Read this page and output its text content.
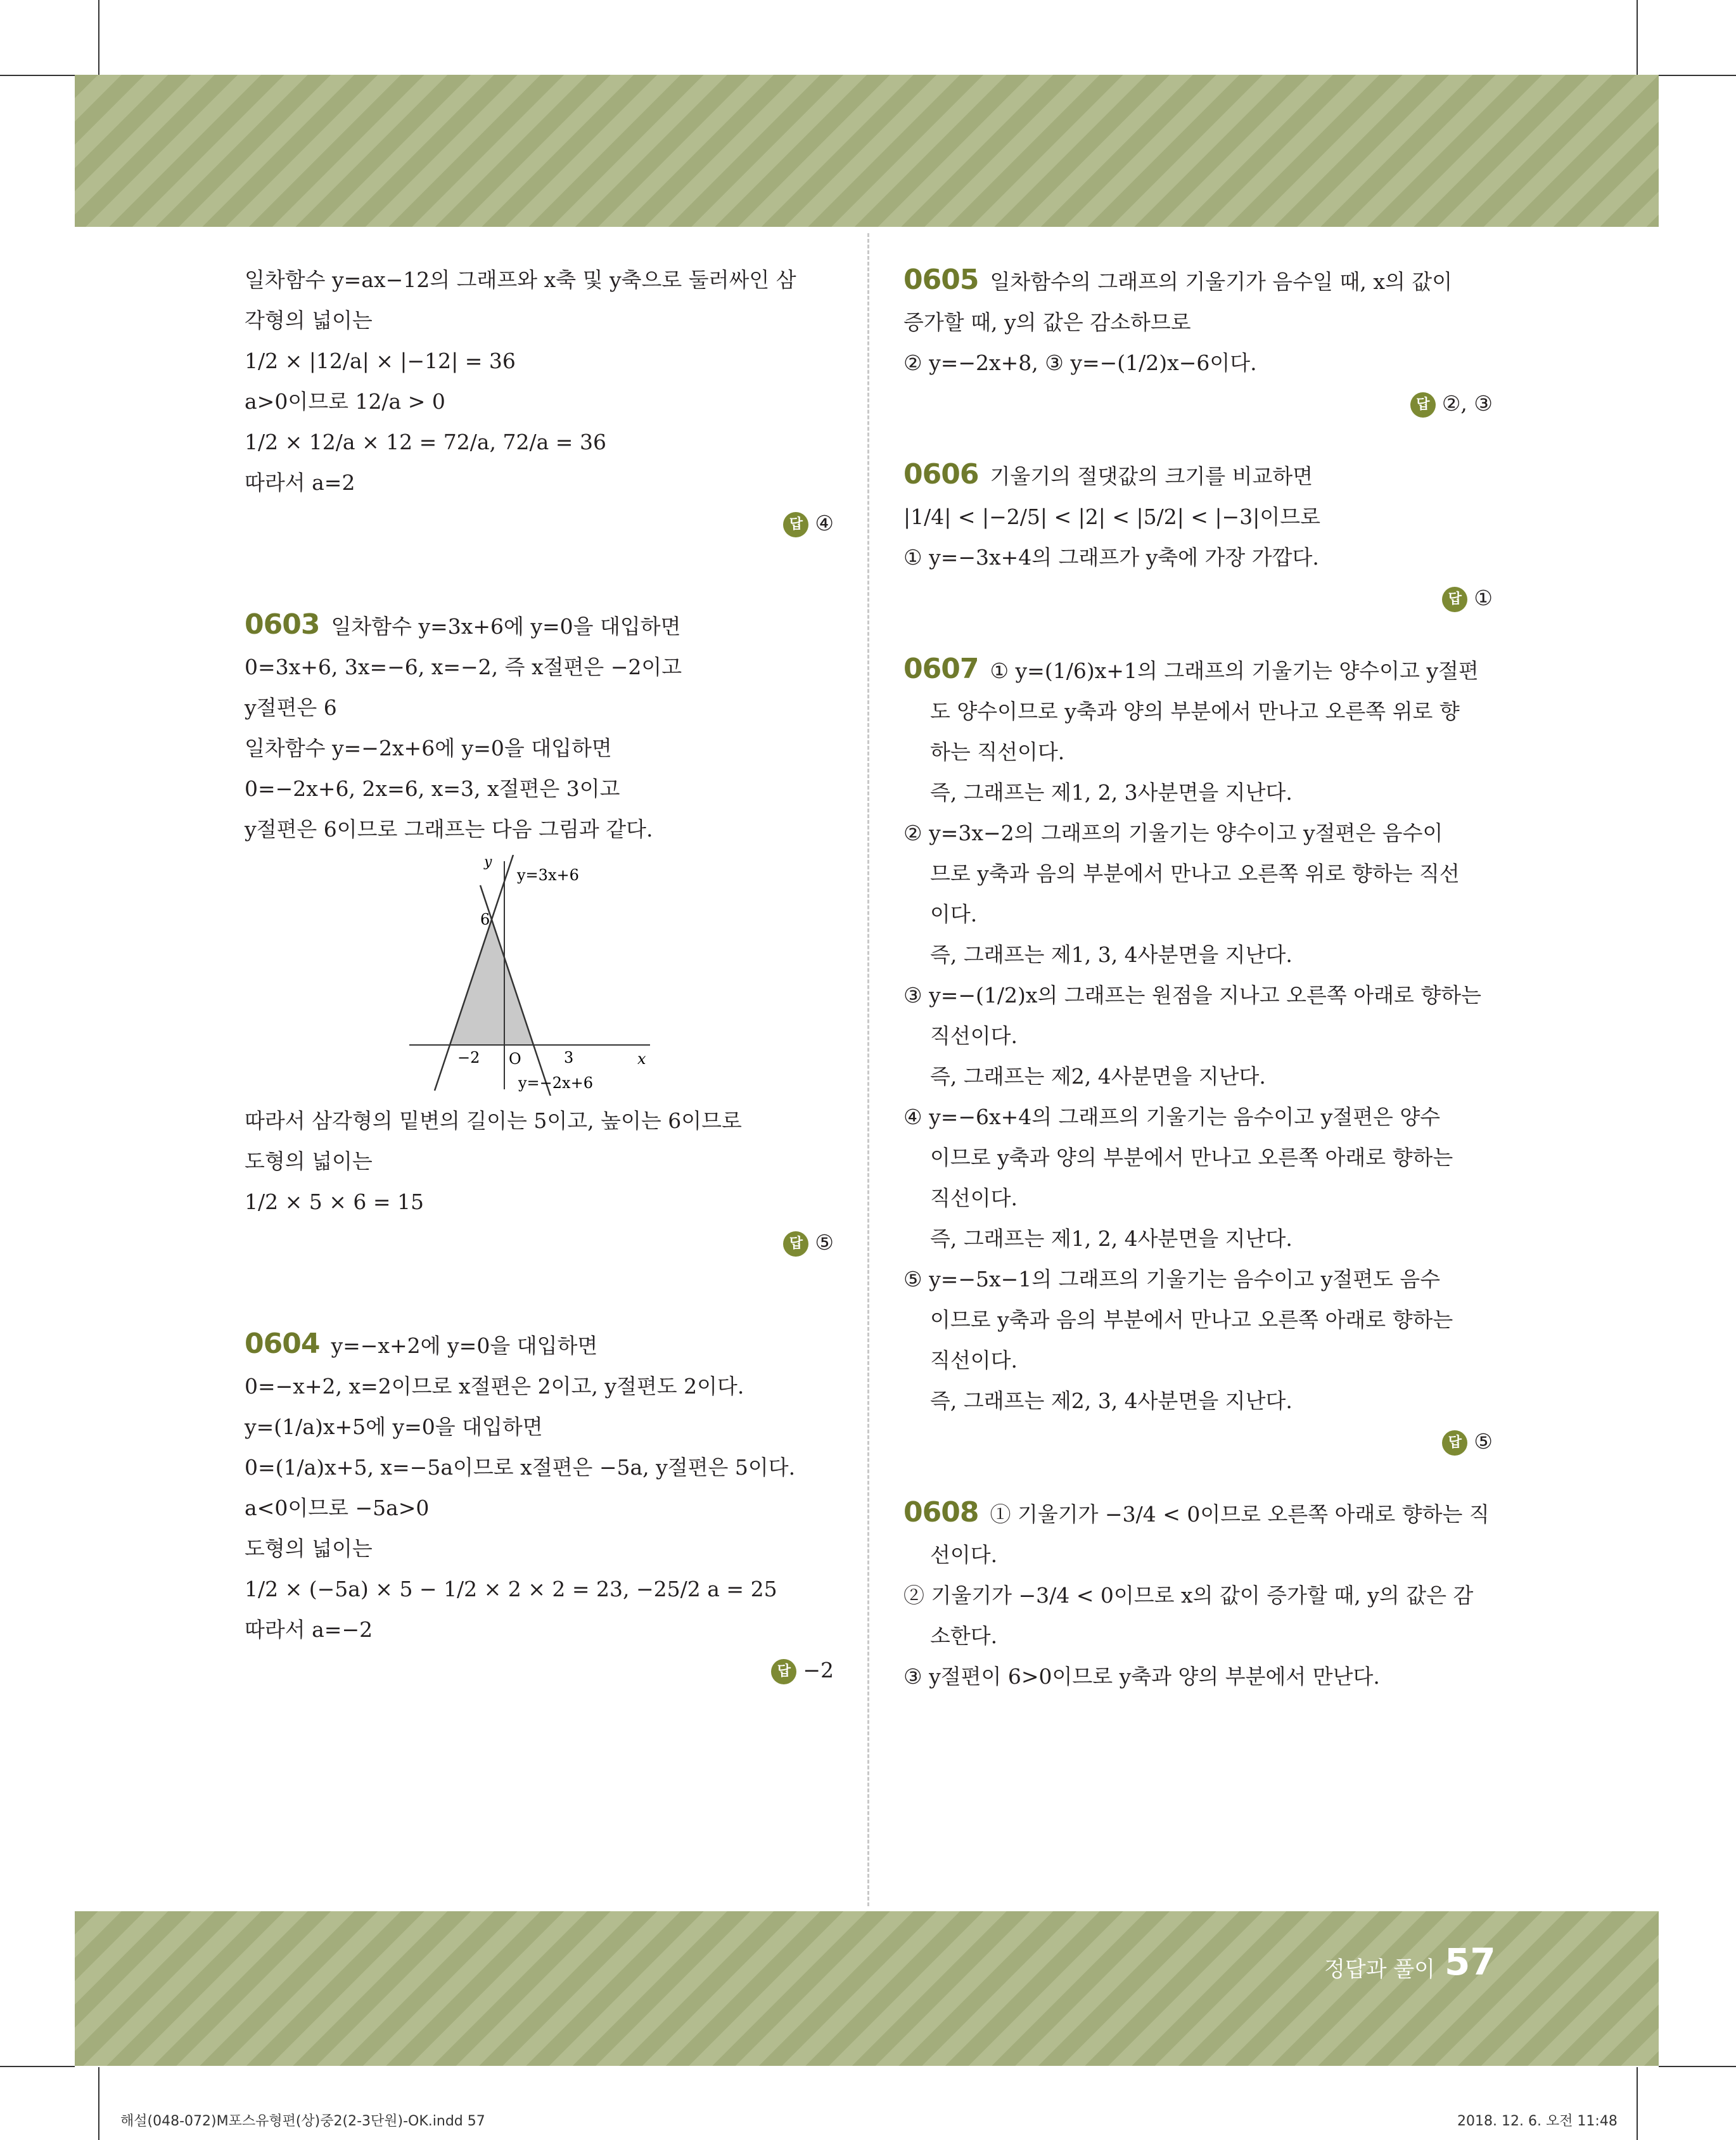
일차함수 y=ax−12의 그래프와 x축 및 y축으로 둘러싸인 삼
각형의 넓이는
1/2 × |12/a| × |−12| = 36
a>0이므로 12/a > 0
1/2 × 12/a × 12 = 72/a, 72/a = 36
따라서 a=2
답 ④
0603 일차함수 y=3x+6에 y=0을 대입하면
0=3x+6, 3x=−6, x=−2, 즉 x절편은 −2이고
y절편은 6
일차함수 y=−2x+6에 y=0을 대입하면
0=−2x+6, 2x=6, x=3, x절편은 3이고
y절편은 6이므로 그래프는 다음 그림과 같다.
y
y=3x+6
6
−2 O	3	x
y=−2x+6
따라서 삼각형의 밑변의 길이는 5이고, 높이는 6이므로
도형의 넓이는
1/2 × 5 × 6 = 15
답 ⑤
0604 y=−x+2에 y=0을 대입하면
0=−x+2, x=2이므로 x절편은 2이고, y절편도 2이다.
y=(1/a)x+5에 y=0을 대입하면
0=(1/a)x+5, x=−5a이므로 x절편은 −5a, y절편은 5이다.
a<0이므로 −5a>0
도형의 넓이는
1/2 × (−5a) × 5 − 1/2 × 2 × 2 = 23, −25/2 a = 25
따라서 a=−2
답 −2
0605 일차함수의 그래프의 기울기가 음수일 때, x의 값이
증가할 때, y의 값은 감소하므로
② y=−2x+8, ③ y=−(1/2)x−6이다.
답 ②, ③
0606 기울기의 절댓값의 크기를 비교하면
|1/4| < |−2/5| < |2| < |5/2| < |−3|이므로
① y=−3x+4의 그래프가 y축에 가장 가깝다.
답 ①
0607 ① y=(1/6)x+1의 그래프의 기울기는 양수이고 y절편
도 양수이므로 y축과 양의 부분에서 만나고 오른쪽 위로 향
하는 직선이다.
즉, 그래프는 제1, 2, 3사분면을 지난다.
② y=3x−2의 그래프의 기울기는 양수이고 y절편은 음수이
므로 y축과 음의 부분에서 만나고 오른쪽 위로 향하는 직선
이다.
즉, 그래프는 제1, 3, 4사분면을 지난다.
③ y=−(1/2)x의 그래프는 원점을 지나고 오른쪽 아래로 향하는
직선이다.
즉, 그래프는 제2, 4사분면을 지난다.
④ y=−6x+4의 그래프의 기울기는 음수이고 y절편은 양수
이므로 y축과 양의 부분에서 만나고 오른쪽 아래로 향하는
직선이다.
즉, 그래프는 제1, 2, 4사분면을 지난다.
⑤ y=−5x−1의 그래프의 기울기는 음수이고 y절편도 음수
이므로 y축과 음의 부분에서 만나고 오른쪽 아래로 향하는
직선이다.
즉, 그래프는 제2, 3, 4사분면을 지난다.
답 ⑤
0608 ① 기울기가 −3/4 < 0이므로 오른쪽 아래로 향하는 직
선이다.
② 기울기가 −3/4 < 0이므로 x의 값이 증가할 때, y의 값은 감
소한다.
③ y절편이 6>0이므로 y축과 양의 부분에서 만난다.
정답과 풀이 57
해설(048-072)M포스유형편(상)중2(2-3단원)-OK.indd 57	2018. 12. 6. 오전 11:48
